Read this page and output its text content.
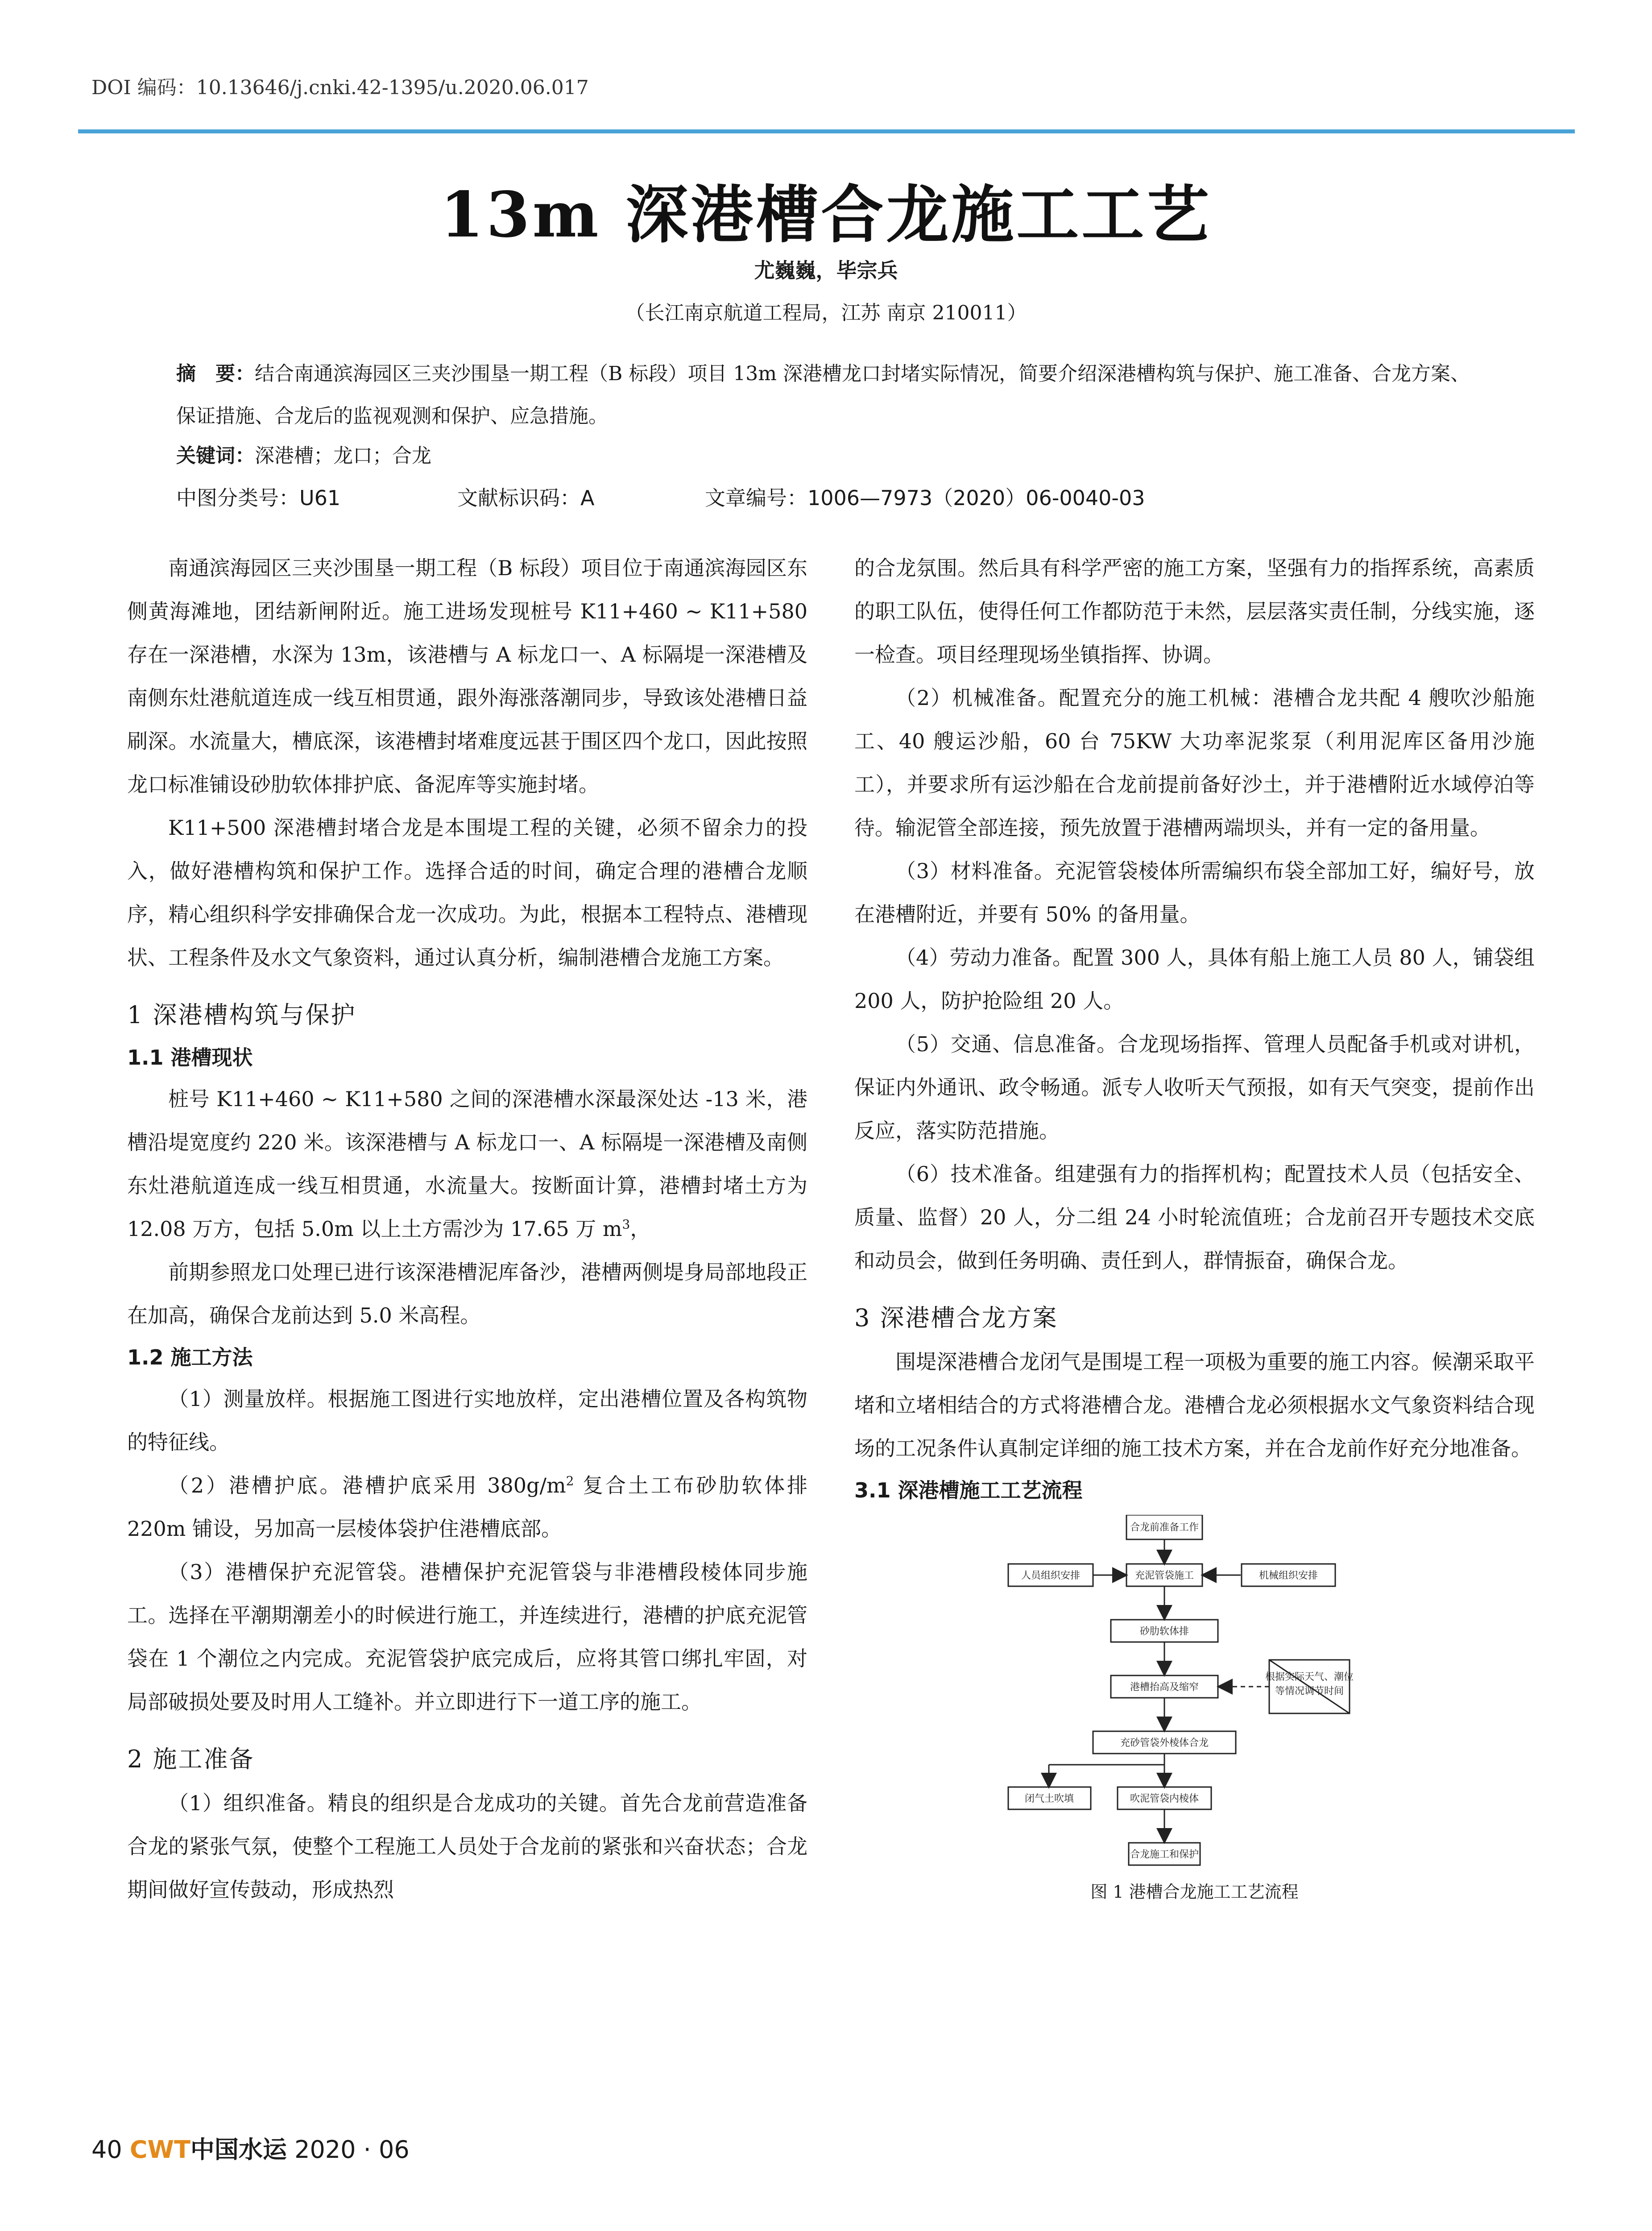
DOI 编码：10.13646/j.cnki.42-1395/u.2020.06.017
13m 深港槽合龙施工工艺
尤巍巍，毕宗兵
（长江南京航道工程局，江苏 南京 210011）
摘　要：结合南通滨海园区三夹沙围垦一期工程（B 标段）项目 13m 深港槽龙口封堵实际情况，简要介绍深港槽构筑与保护、施工准备、合龙方案、保证措施、合龙后的监视观测和保护、应急措施。
关键词：深港槽；龙口；合龙
中图分类号：U61	文献标识码：A	文章编号：1006—7973（2020）06-0040-03

南通滨海园区三夹沙围垦一期工程（B 标段）项目位于南通滨海园区东侧黄海滩地，团结新闸附近。施工进场发现桩号 K11+460 ~ K11+580 存在一深港槽，水深为 13m，该港槽与 A 标龙口一、A 标隔堤一深港槽及南侧东灶港航道连成一线互相贯通，跟外海涨落潮同步，导致该处港槽日益刷深。水流量大，槽底深，该港槽封堵难度远甚于围区四个龙口，因此按照龙口标准铺设砂肋软体排护底、备泥库等实施封堵。

K11+500 深港槽封堵合龙是本围堤工程的关键，必须不留余力的投入，做好港槽构筑和保护工作。选择合适的时间，确定合理的港槽合龙顺序，精心组织科学安排确保合龙一次成功。为此，根据本工程特点、港槽现状、工程条件及水文气象资料，通过认真分析，编制港槽合龙施工方案。

1 深港槽构筑与保护
1.1 港槽现状

桩号 K11+460 ~ K11+580 之间的深港槽水深最深处达 -13 米，港槽沿堤宽度约 220 米。该深港槽与 A 标龙口一、A 标隔堤一深港槽及南侧东灶港航道连成一线互相贯通，水流量大。按断面计算，港槽封堵土方为 12.08 万方，包括 5.0m 以上土方需沙为 17.65 万 $m^3$，

前期参照龙口处理已进行该深港槽泥库备沙，港槽两侧堤身局部地段正在加高，确保合龙前达到 5.0 米高程。

1.2 施工方法

（1）测量放样。根据施工图进行实地放样，定出港槽位置及各构筑物的特征线。

（2）港槽护底。港槽护底采用 $380g/m^2$ 复合土工布砂肋软体排 220m 铺设，另加高一层棱体袋护住港槽底部。

（3）港槽保护充泥管袋。港槽保护充泥管袋与非港槽段棱体同步施工。选择在平潮期潮差小的时候进行施工，并连续进行，港槽的护底充泥管袋在 1 个潮位之内完成。充泥管袋护底完成后，应将其管口绑扎牢固，对局部破损处要及时用人工缝补。并立即进行下一道工序的施工。

2 施工准备

（1）组织准备。精良的组织是合龙成功的关键。首先合龙前营造准备合龙的紧张气氛，使整个工程施工人员处于合龙前的紧张和兴奋状态；合龙期间做好宣传鼓动，形成热烈

的合龙氛围。然后具有科学严密的施工方案，坚强有力的指挥系统，高素质的职工队伍，使得任何工作都防范于未然，层层落实责任制，分线实施，逐一检查。项目经理现场坐镇指挥、协调。

（2）机械准备。配置充分的施工机械：港槽合龙共配 4 艘吹沙船施工、40 艘运沙船，60 台 75KW 大功率泥浆泵（利用泥库区备用沙施工），并要求所有运沙船在合龙前提前备好沙土，并于港槽附近水域停泊等待。输泥管全部连接，预先放置于港槽两端坝头，并有一定的备用量。

（3）材料准备。充泥管袋棱体所需编织布袋全部加工好，编好号，放在港槽附近，并要有 50% 的备用量。

（4）劳动力准备。配置 300 人，具体有船上施工人员 80 人，铺袋组 200 人，防护抢险组 20 人。

（5）交通、信息准备。合龙现场指挥、管理人员配备手机或对讲机，保证内外通讯、政令畅通。派专人收听天气预报，如有天气突变，提前作出反应，落实防范措施。

（6）技术准备。组建强有力的指挥机构；配置技术人员（包括安全、质量、监督）20 人，分二组 24 小时轮流值班；合龙前召开专题技术交底和动员会，做到任务明确、责任到人，群情振奋，确保合龙。

3 深港槽合龙方案

围堤深港槽合龙闭气是围堤工程一项极为重要的施工内容。候潮采取平堵和立堵相结合的方式将港槽合龙。港槽合龙必须根据水文气象资料结合现场的工况条件认真制定详细的施工技术方案，并在合龙前作好充分地准备。

3.1 深港槽施工工艺流程
合龙前准备工作
人员组织安排	充泥管袋施工	机械组织安排
砂肋软体排
港槽抬高及缩窄
根据实际天气、潮位
等情况调节时间
充砂管袋外棱体合龙
闭气土吹填	吹泥管袋内棱体
合龙施工和保护
图 1 港槽合龙施工工艺流程
40 CWT中国水运 2020 · 06
